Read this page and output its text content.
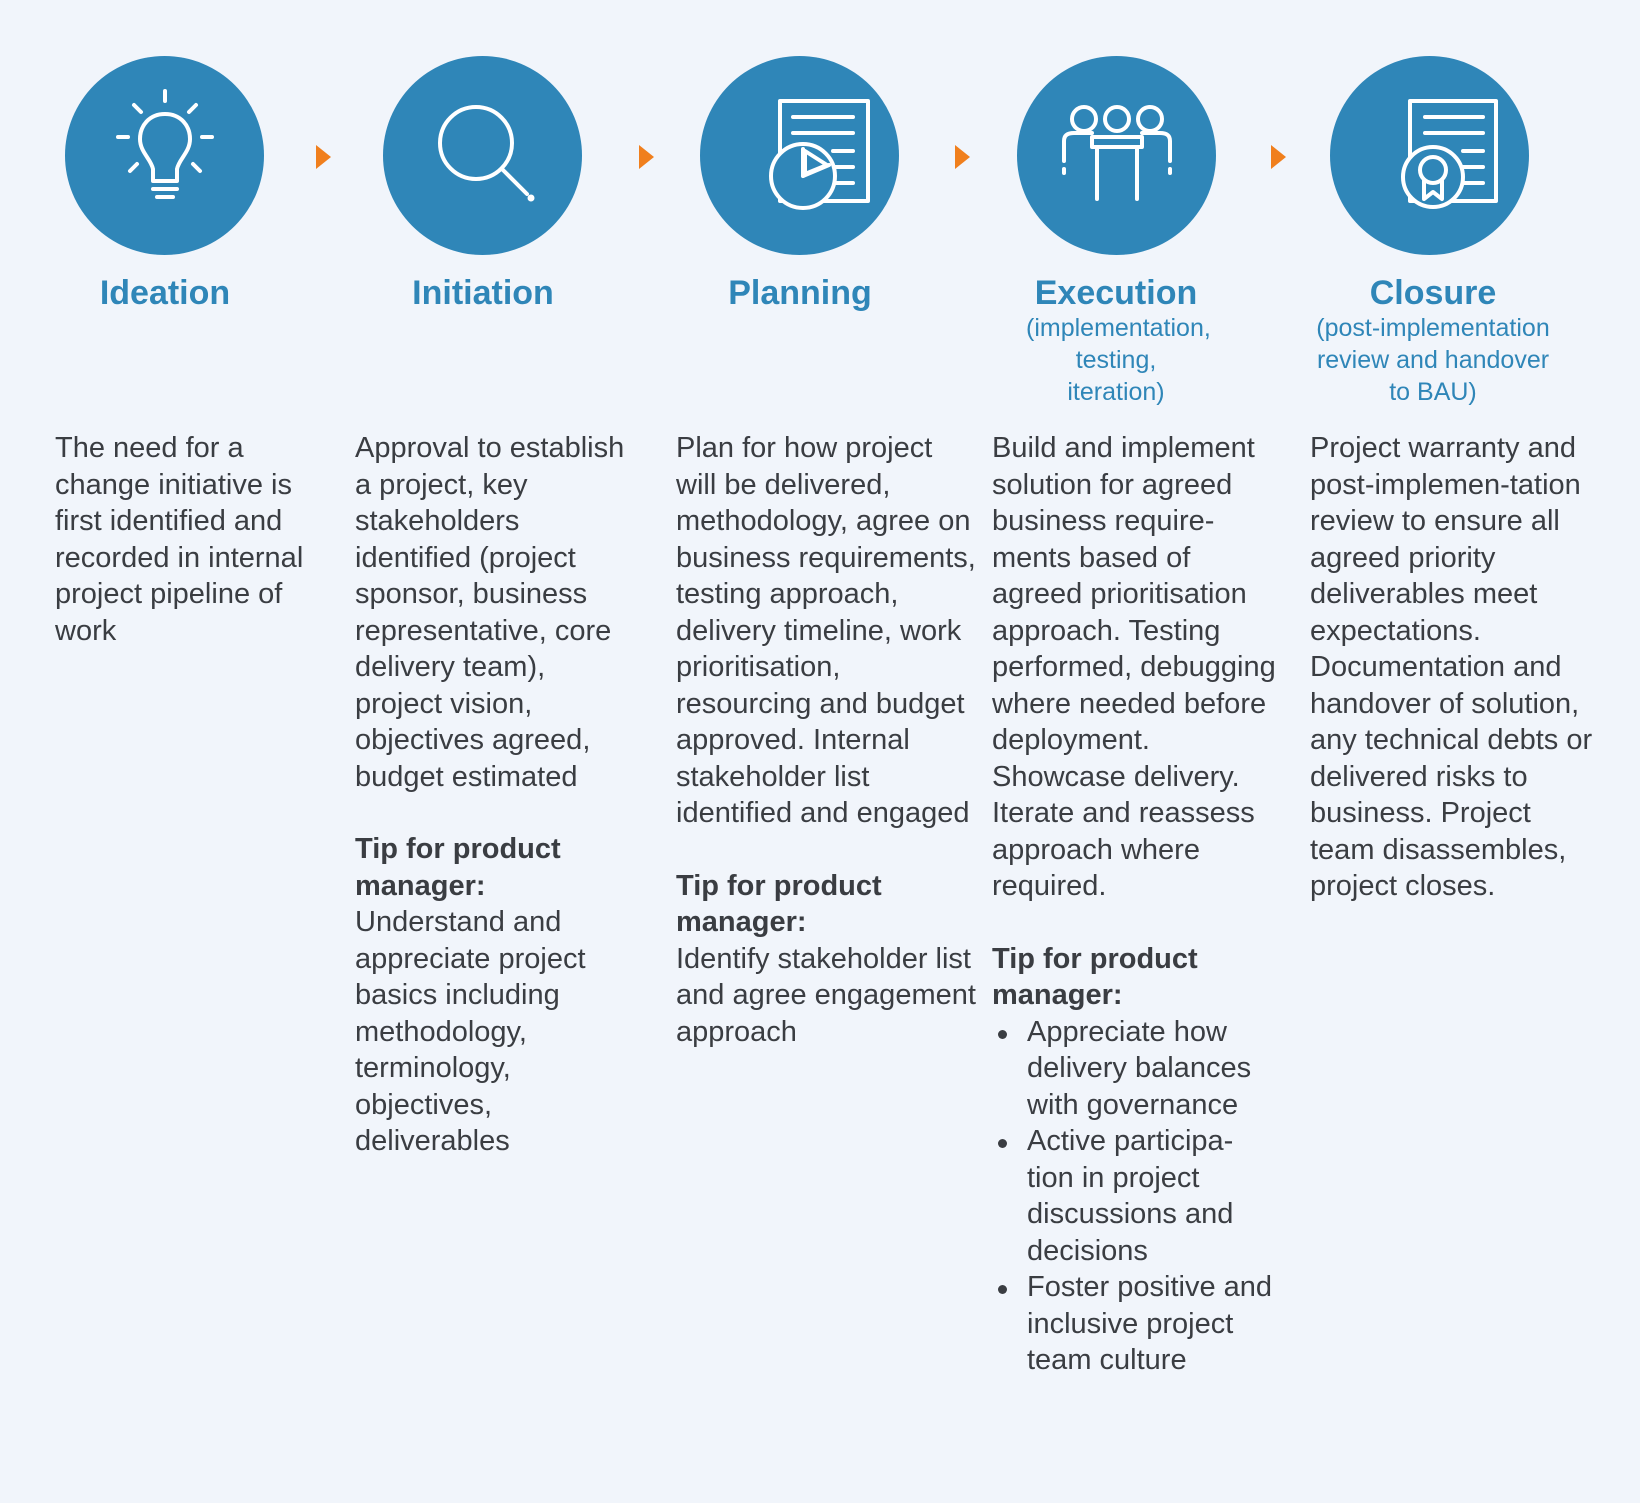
Ideation

The need for a change initiative is first identified and recorded in internal project pipeline of work

Initiation

Approval to establish a project, key stakeholders identified (project sponsor, business representative, core delivery team), project vision, objectives agreed, budget estimated

Tip for product manager:

Understand and appreciate project basics including methodology, terminology, objectives, deliverables

Planning

Plan for how project will be delivered, methodology, agree on business requirements, testing approach, delivery timeline, work prioritisation, resourcing and budget approved. Internal stakeholder list identified and engaged

Tip for product manager:

Identify stakeholder list and agree engagement approach

Execution
(implementation, testing, iteration)

Build and implement solution for agreed business require-ments based of agreed prioritisation approach. Testing performed, debugging where needed before deployment. Showcase delivery. Iterate and reassess approach where required.

Tip for product manager:

Appreciate how delivery balances with governance
Active participa-tion in project discussions and decisions
Foster positive and inclusive project team culture
Closure
(post-implementation review and handover to BAU)

Project warranty and post-implemen-tation review to ensure all agreed priority deliverables meet expectations. Documentation and handover of solution, any technical debts or delivered risks to business. Project team disassembles, project closes.
